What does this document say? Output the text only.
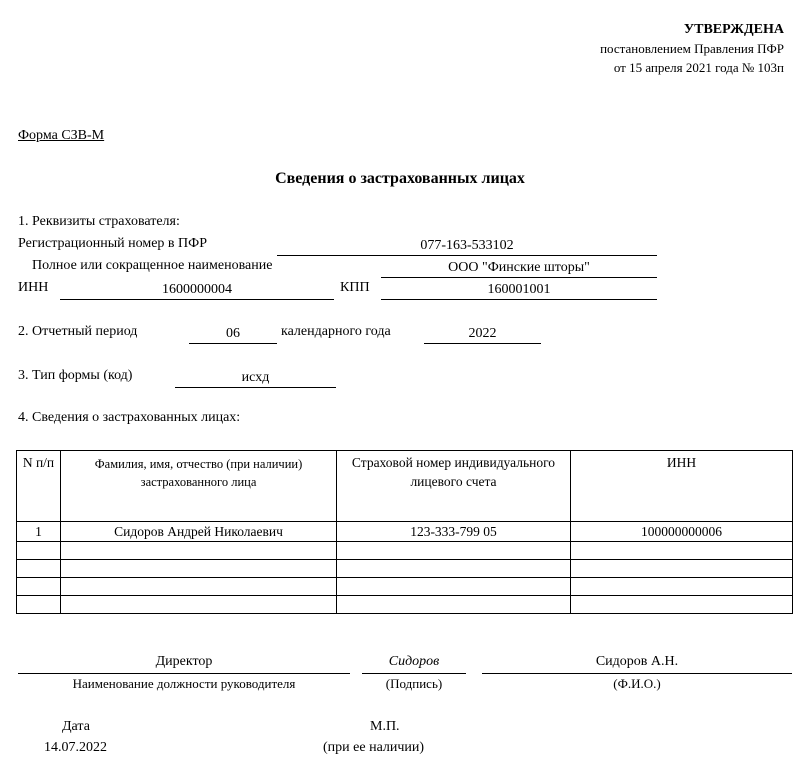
УТВЕРЖДЕНА
постановлением Правления ПФР
от 15 апреля 2021 года № 103п
Форма СЗВ-М
Сведения о застрахованных лицах
1. Реквизиты страхователя:
Регистрационный номер в ПФР	077-163-533102
Полное или сокращенное наименование	ООО "Финские шторы"
ИНН	1600000004	КПП	160001001
2. Отчетный период	06	календарного года	2022
3. Тип формы (код)	исхд
4. Сведения о застрахованных лицах:
N п/п	Фамилия, имя, отчество (при наличии) застрахованного лица	Страховой номер индивидуального лицевого счета	ИНН
1	Сидоров Андрей Николаевич	123-333-799 05	100000000006

Директор
Наименование должности руководителя
Сидоров
(Подпись)
Сидоров А.Н.
(Ф.И.О.)
Дата
14.07.2022
М.П.
(при ее наличии)
